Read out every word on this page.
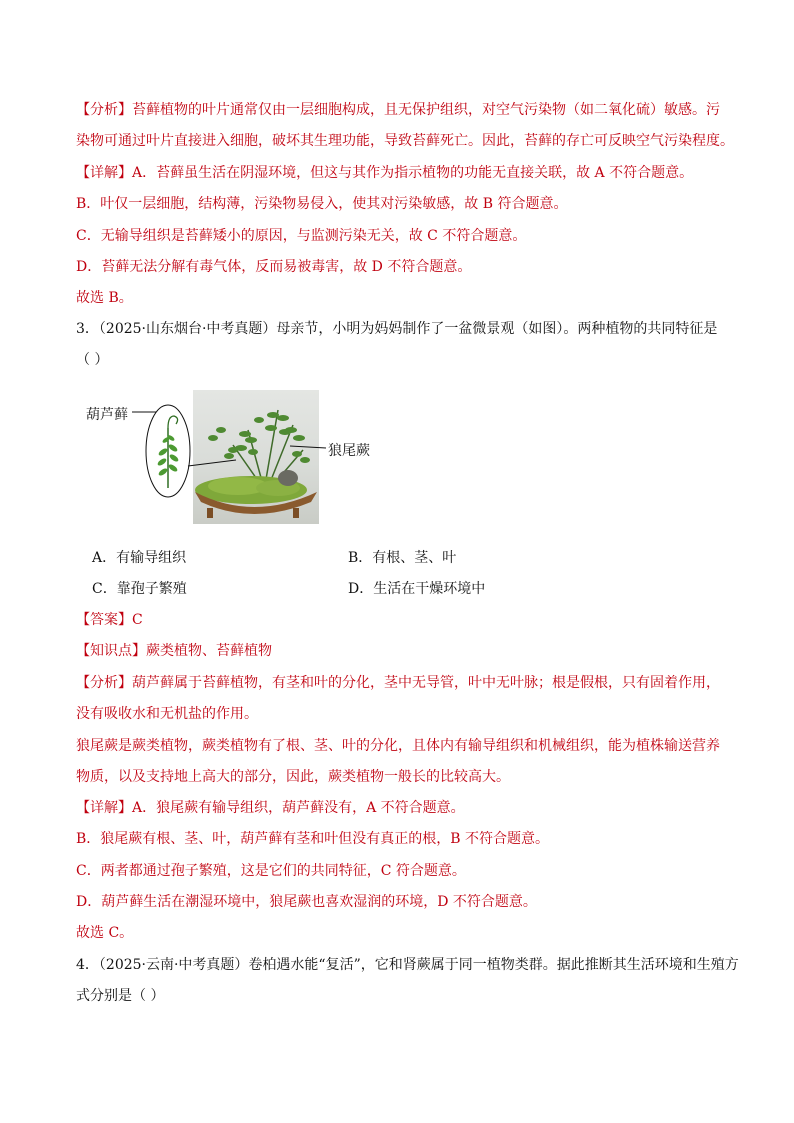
【分析】苔藓植物的叶片通常仅由一层细胞构成，且无保护组织，对空气污染物（如二氧化硫）敏感。污
染物可通过叶片直接进入细胞，破坏其生理功能，导致苔藓死亡。因此，苔藓的存亡可反映空气污染程度。
【详解】A．苔藓虽生活在阴湿环境，但这与其作为指示植物的功能无直接关联，故 A 不符合题意。
B．叶仅一层细胞，结构薄，污染物易侵入，使其对污染敏感，故 B 符合题意。
C．无输导组织是苔藓矮小的原因，与监测污染无关，故 C 不符合题意。
D．苔藓无法分解有毒气体，反而易被毒害，故 D 不符合题意。
故选 B。
3．（2025·山东烟台·中考真题）母亲节，小明为妈妈制作了一盆微景观（如图）。两种植物的共同特征是
（ ）
葫芦藓
狼尾蕨
A．有输导组织	B．有根、茎、叶
C．靠孢子繁殖	D．生活在干燥环境中
【答案】C
【知识点】蕨类植物、苔藓植物
【分析】葫芦藓属于苔藓植物，有茎和叶的分化，茎中无导管，叶中无叶脉；根是假根，只有固着作用，
没有吸收水和无机盐的作用。
狼尾蕨是蕨类植物，蕨类植物有了根、茎、叶的分化，且体内有输导组织和机械组织，能为植株输送营养
物质，以及支持地上高大的部分，因此，蕨类植物一般长的比较高大。
【详解】A．狼尾蕨有输导组织，葫芦藓没有，A 不符合题意。
B．狼尾蕨有根、茎、叶，葫芦藓有茎和叶但没有真正的根，B 不符合题意。
C．两者都通过孢子繁殖，这是它们的共同特征，C 符合题意。
D．葫芦藓生活在潮湿环境中，狼尾蕨也喜欢湿润的环境，D 不符合题意。
故选 C。
4．（2025·云南·中考真题）卷柏遇水能“复活”，它和肾蕨属于同一植物类群。据此推断其生活环境和生殖方
式分别是（ ）
